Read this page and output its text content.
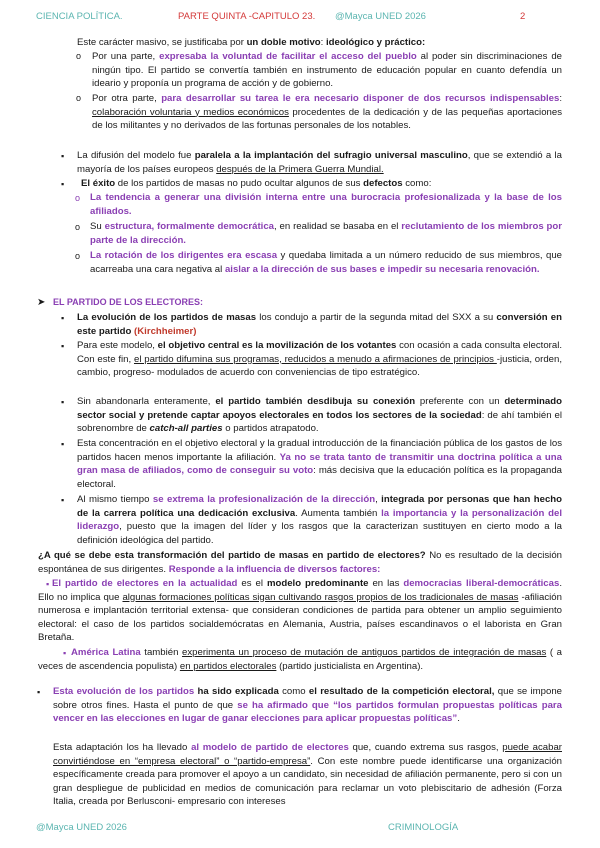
CIENCIA POLÍTICA.	PARTE QUINTA -CAPITULO 23. @Mayca UNED 2026	2

Este carácter masivo, se justificaba por un doble motivo: ideológico y práctico:

o Por una parte, expresaba la voluntad de facilitar el acceso del pueblo al poder sin discriminaciones de ningún tipo. El partido se convertía también en instrumento de educación popular en cuanto defendía un ideario y proponía un programa de acción y de gobierno.

o Por otra parte, para desarrollar su tarea le era necesario disponer de dos recursos indispensables: colaboración voluntaria y medios económicos procedentes de la dedicación y de las pequeñas aportaciones de los militantes y no derivados de las fortunas personales de los notables.

▪ La difusión del modelo fue paralela a la implantación del sufragio universal masculino, que se extendió a la mayoría de los países europeos después de la Primera Guerra Mundial.

▪ El éxito de los partidos de masas no pudo ocultar algunos de sus defectos como:

o La tendencia a generar una división interna entre una burocracia profesionalizada y la base de los afiliados.

o Su estructura, formalmente democrática, en realidad se basaba en el reclutamiento de los miembros por parte de la dirección.

o La rotación de los dirigentes era escasa y quedaba limitada a un número reducido de sus miembros, que acarreaba una cara negativa al aislar a la dirección de sus bases e impedir su necesaria renovación.

➤ EL PARTIDO DE LOS ELECTORES:

▪ La evolución de los partidos de masas los condujo a partir de la segunda mitad del SXX a su conversión en este partido (Kirchheimer)

▪ Para este modelo, el objetivo central es la movilización de los votantes con ocasión a cada consulta electoral. Con este fin, el partido difumina sus programas, reducidos a menudo a afirmaciones de principios -justicia, orden, cambio, progreso- modulados de acuerdo con conveniencias de tipo estratégico.

▪ Sin abandonarla enteramente, el partido también desdibuja su conexión preferente con un determinado sector social y pretende captar apoyos electorales en todos los sectores de la sociedad: de ahí también el sobrenombre de catch-all parties o partidos atrapatodo.

▪ Esta concentración en el objetivo electoral y la gradual introducción de la financiación pública de los gastos de los partidos hacen menos importante la afiliación. Ya no se trata tanto de transmitir una doctrina política a una gran masa de afiliados, como de conseguir su voto: más decisiva que la educación política es la propaganda electoral.

▪ Al mismo tiempo se extrema la profesionalización de la dirección, integrada por personas que han hecho de la carrera política una dedicación exclusiva. Aumenta también la importancia y la personalización del liderazgo, puesto que la imagen del líder y los rasgos que la caracterizan sustituyen en cierto modo a la definición ideológica del partido.

¿A qué se debe esta transformación del partido de masas en partido de electores? No es resultado de la decisión espontánea de sus dirigentes. Responde a la influencia de diversos factores:

▪ El partido de electores en la actualidad es el modelo predominante en las democracias liberal-democráticas. Ello no implica que algunas formaciones políticas sigan cultivando rasgos propios de los tradicionales de masas -afiliación numerosa e implantación territorial extensa- que consideran condiciones de partida para obtener un amplio seguimiento electoral: el caso de los partidos socialdemócratas en Alemania, Austria, países escandinavos o el laborista en Gran Bretaña.

▪ América Latina también experimenta un proceso de mutación de antiguos partidos de integración de masas ( a veces de ascendencia populista) en partidos electorales (partido justicialista en Argentina).

▪ Esta evolución de los partidos ha sido explicada como el resultado de la competición electoral, que se impone sobre otros fines. Hasta el punto de que se ha afirmado que “los partidos formulan propuestas políticas para vencer en las elecciones en lugar de ganar elecciones para aplicar propuestas políticas”.

Esta adaptación los ha llevado al modelo de partido de electores que, cuando extrema sus rasgos, puede acabar convirtiéndose en “empresa electoral” o “partido-empresa”. Con este nombre puede identificarse una organización específicamente creada para promover el apoyo a un candidato, sin necesidad de afiliación permanente, pero si con un gran despliegue de publicidad en medios de comunicación para reclamar un voto plebiscitario de adhesión (Forza Italia, creada por Berlusconi- empresario con intereses

@Mayca UNED 2026	CRIMINOLOGÍA
